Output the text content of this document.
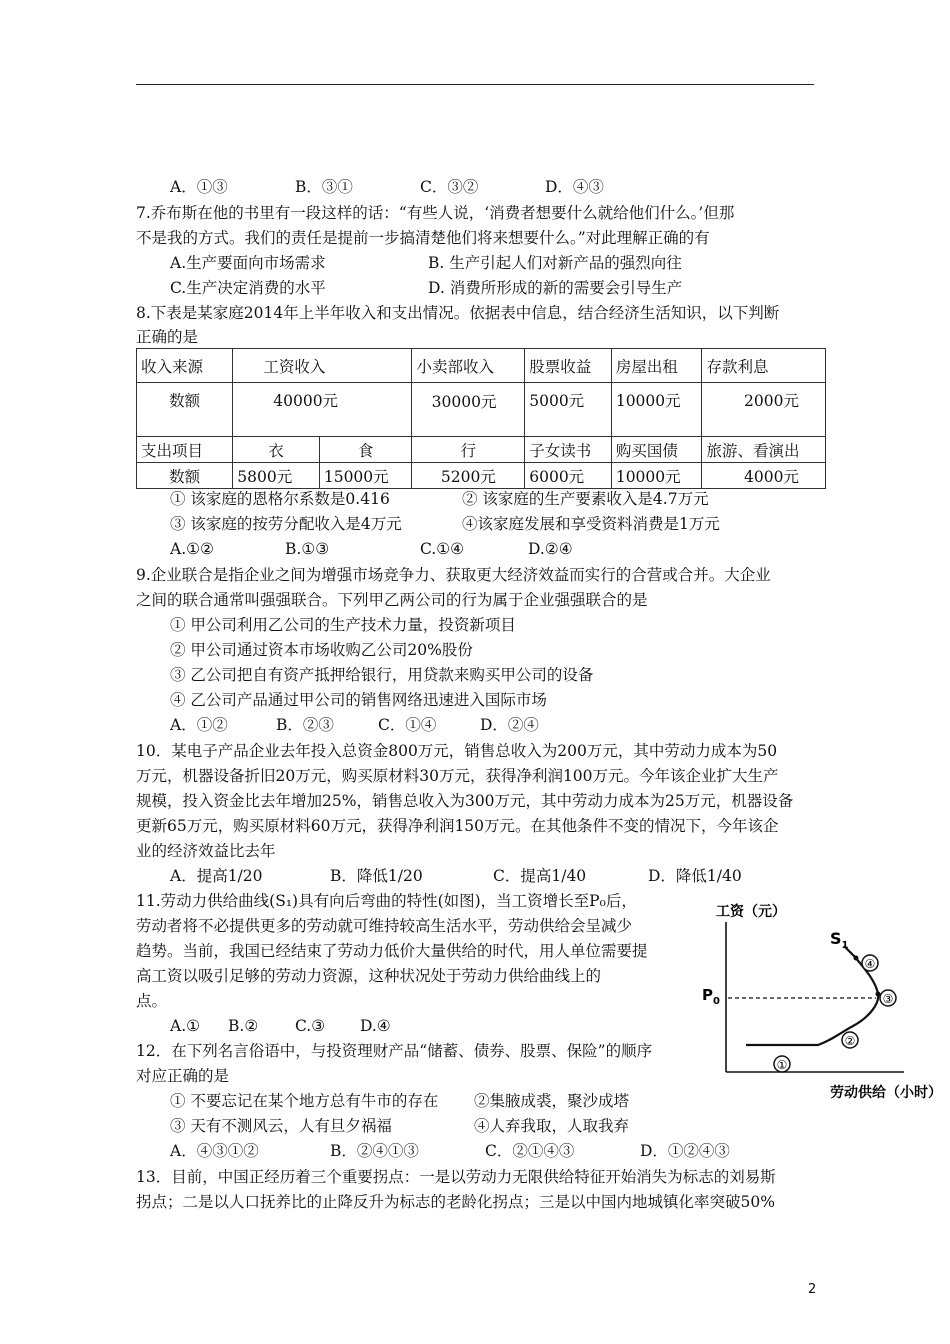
A．①③	B．③①	C．③②	D．④③
7.乔布斯在他的书里有一段这样的话：“有些人说，‘消费者想要什么就给他们什么。’但那
不是我的方式。我们的责任是提前一步搞清楚他们将来想要什么。”对此理解正确的有
A.生产要面向市场需求	B. 生产引起人们对新产品的强烈向往
C.生产决定消费的水平	D. 消费所形成的新的需要会引导生产
8.下表是某家庭2014年上半年收入和支出情况。依据表中信息，结合经济生活知识，以下判断
正确的是
收入来源	工资收入		小卖部收入	股票收益	房屋出租	存款利息
数额	40000元		30000元	5000元	10000元	2000元
支出项目	衣	食	行	子女读书	购买国债	旅游、看演出
数额	5800元	15000元	5200元	6000元	10000元	4000元
① 该家庭的恩格尔系数是0.416	② 该家庭的生产要素收入是4.7万元
③ 该家庭的按劳分配收入是4万元	④该家庭发展和享受资料消费是1万元
A.①②	B.①③	C.①④	D.②④
9.企业联合是指企业之间为增强市场竞争力、获取更大经济效益而实行的合营或合并。大企业
之间的联合通常叫强强联合。下列甲乙两公司的行为属于企业强强联合的是
① 甲公司利用乙公司的生产技术力量，投资新项目
② 甲公司通过资本市场收购乙公司20%股份
③ 乙公司把自有资产抵押给银行，用贷款来购买甲公司的设备
④ 乙公司产品通过甲公司的销售网络迅速进入国际市场
A．①②	B．②③	C．①④	D．②④
10．某电子产品企业去年投入总资金800万元，销售总收入为200万元，其中劳动力成本为50
万元，机器设备折旧20万元，购买原材料30万元，获得净利润100万元。今年该企业扩大生产
规模，投入资金比去年增加25%，销售总收入为300万元，其中劳动力成本为25万元，机器设备
更新65万元，购买原材料60万元，获得净利润150万元。在其他条件不变的情况下，今年该企
业的经济效益比去年
A．提高1/20	B．降低1/20	C．提高1/40	D．降低1/40
11.劳动力供给曲线(S₁)具有向后弯曲的特性(如图)，当工资增长至P₀后，
劳动者将不必提供更多的劳动就可维持较高生活水平，劳动供给会呈减少
趋势。当前，我国已经结束了劳动力低价大量供给的时代，用人单位需要提
高工资以吸引足够的劳动力资源，这种状况处于劳动力供给曲线上的
点。
A.① B.② C.③ D.④
工资（元）
劳动供给（小时）
$P_0$
$S_1$
①
②
③
④
12．在下列名言俗语中，与投资理财产品“储蓄、债券、股票、保险”的顺序
对应正确的是
① 不要忘记在某个地方总有牛市的存在 ②集腋成裘，聚沙成塔
③ 天有不测风云，人有旦夕祸福	④人弃我取，人取我弃
A．④③①②	B．②④①③	C．②①④③	D．①②④③
13．目前，中国正经历着三个重要拐点：一是以劳动力无限供给特征开始消失为标志的刘易斯
拐点；二是以人口抚养比的止降反升为标志的老龄化拐点；三是以中国内地城镇化率突破50%
2
